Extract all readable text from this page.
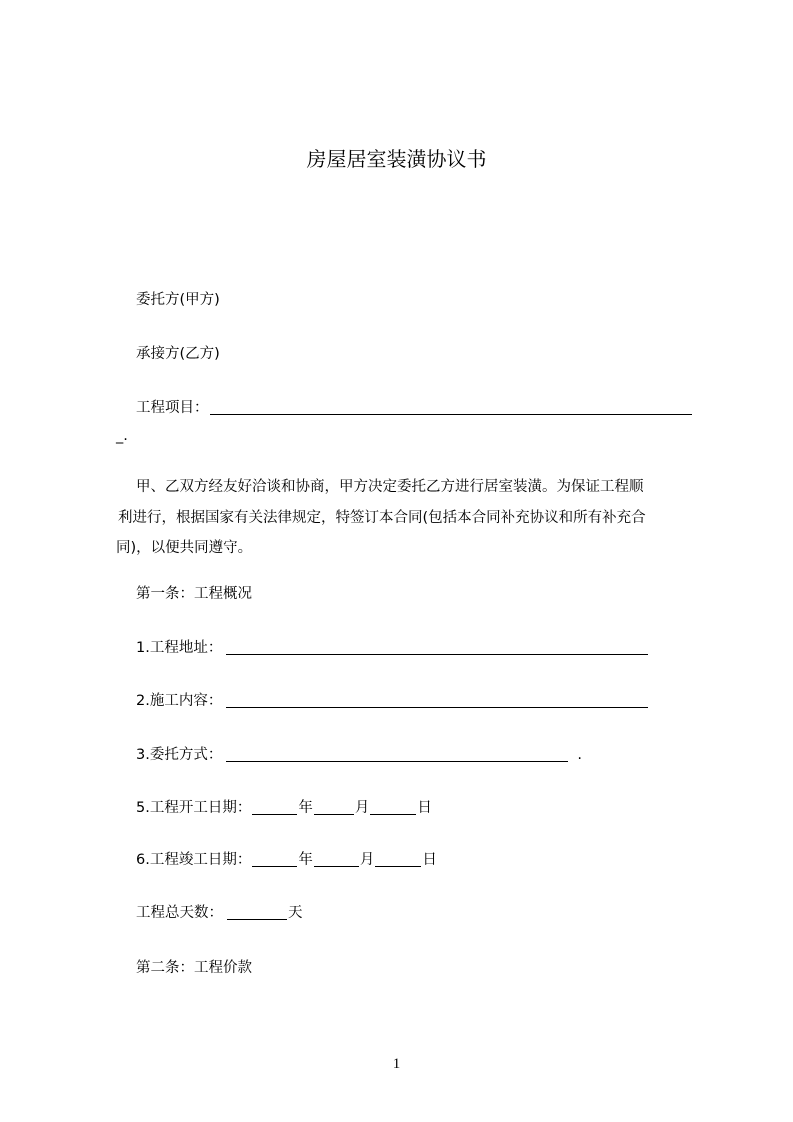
房屋居室装潢协议书
委托方(甲方)
承接方(乙方)
工程项目：
_.
甲、乙双方经友好洽谈和协商，甲方决定委托乙方进行居室装潢。为保证工程顺
利进行，根据国家有关法律规定，特签订本合同(包括本合同补充协议和所有补充合
同)，以便共同遵守。
第一条：工程概况
1.工程地址：
2.施工内容：
3.委托方式：	.
5.工程开工日期：	年	月	日
6.工程竣工日期：	年	月	日
工程总天数：	天
第二条：工程价款
1
